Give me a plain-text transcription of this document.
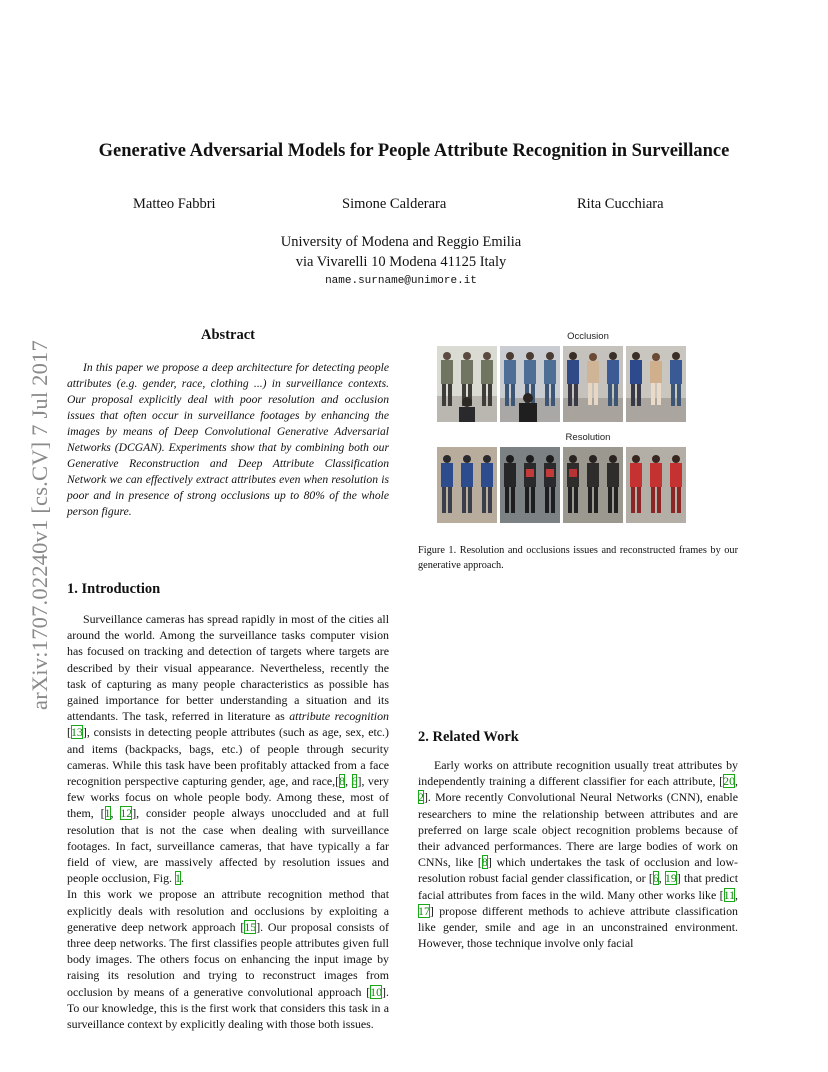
arXiv:1707.02240v1 [cs.CV] 7 Jul 2017
Generative Adversarial Models for People Attribute Recognition in Surveillance
Matteo Fabbri	Simone Calderara	Rita Cucchiara
University of Modena and Reggio Emilia
via Vivarelli 10 Modena 41125 Italy
name.surname@unimore.it
Abstract

In this paper we propose a deep architecture for detecting people attributes (e.g. gender, race, clothing ...) in surveillance contexts. Our proposal explicitly deal with poor resolution and occlusion issues that often occur in surveillance footages by enhancing the images by means of Deep Convolutional Generative Adversarial Networks (DCGAN). Experiments show that by combining both our Generative Reconstruction and Deep Attribute Classification Network we can effectively extract attributes even when resolution is poor and in presence of strong occlusions up to 80% of the whole person figure.

Occlusion
Resolution

Figure 1. Resolution and occlusions issues and reconstructed frames by our generative approach.

1. Introduction

Surveillance cameras has spread rapidly in most of the cities all around the world. Among the surveillance tasks computer vision has focused on tracking and detection of targets where targets are described by their visual appearance. Nevertheless, recently the task of capturing as many people characteristics as possible has gained importance for better understanding a situation and its attendants. The task, referred in literature as attribute recognition [13], consists in detecting people attributes (such as age, sex, etc.) and items (backpacks, bags, etc.) of people through security cameras. While this task have been profitably attacked from a face recognition perspective capturing gender, age, and race,[8, 6], very few works focus on whole people body. Among these, most of them, [1, 12], consider people always unoccluded and at full resolution that is not the case when dealing with surveillance footages. In fact, surveillance cameras, that have typically a far field of view, are massively affected by resolution issues and people occlusion, Fig. 1.

In this work we propose an attribute recognition method that explicitly deals with resolution and occlusions by exploiting a generative deep network approach [15]. Our proposal consists of three deep networks. The first classifies people attributes given full body images. The others focus on enhancing the input image by raising its resolution and trying to reconstruct images from occlusion by means of a generative convolutional approach [10]. To our knowledge, this is the first work that considers this task in a surveillance context by explicitly dealing with those both issues.

2. Related Work

Early works on attribute recognition usually treat attributes by independently training a different classifier for each attribute, [20, 2]. More recently Convolutional Neural Networks (CNN), enable researchers to mine the relationship between attributes and are preferred on large scale object recognition problems because of their advanced performances. There are large bodies of work on CNNs, like [8] which undertakes the task of occlusion and low-resolution robust facial gender classification, or [6, 19] that predict facial attributes from faces in the wild. Many other works like [11, 17] propose different methods to achieve attribute classification like gender, smile and age in an unconstrained environment. However, those technique involve only facial
